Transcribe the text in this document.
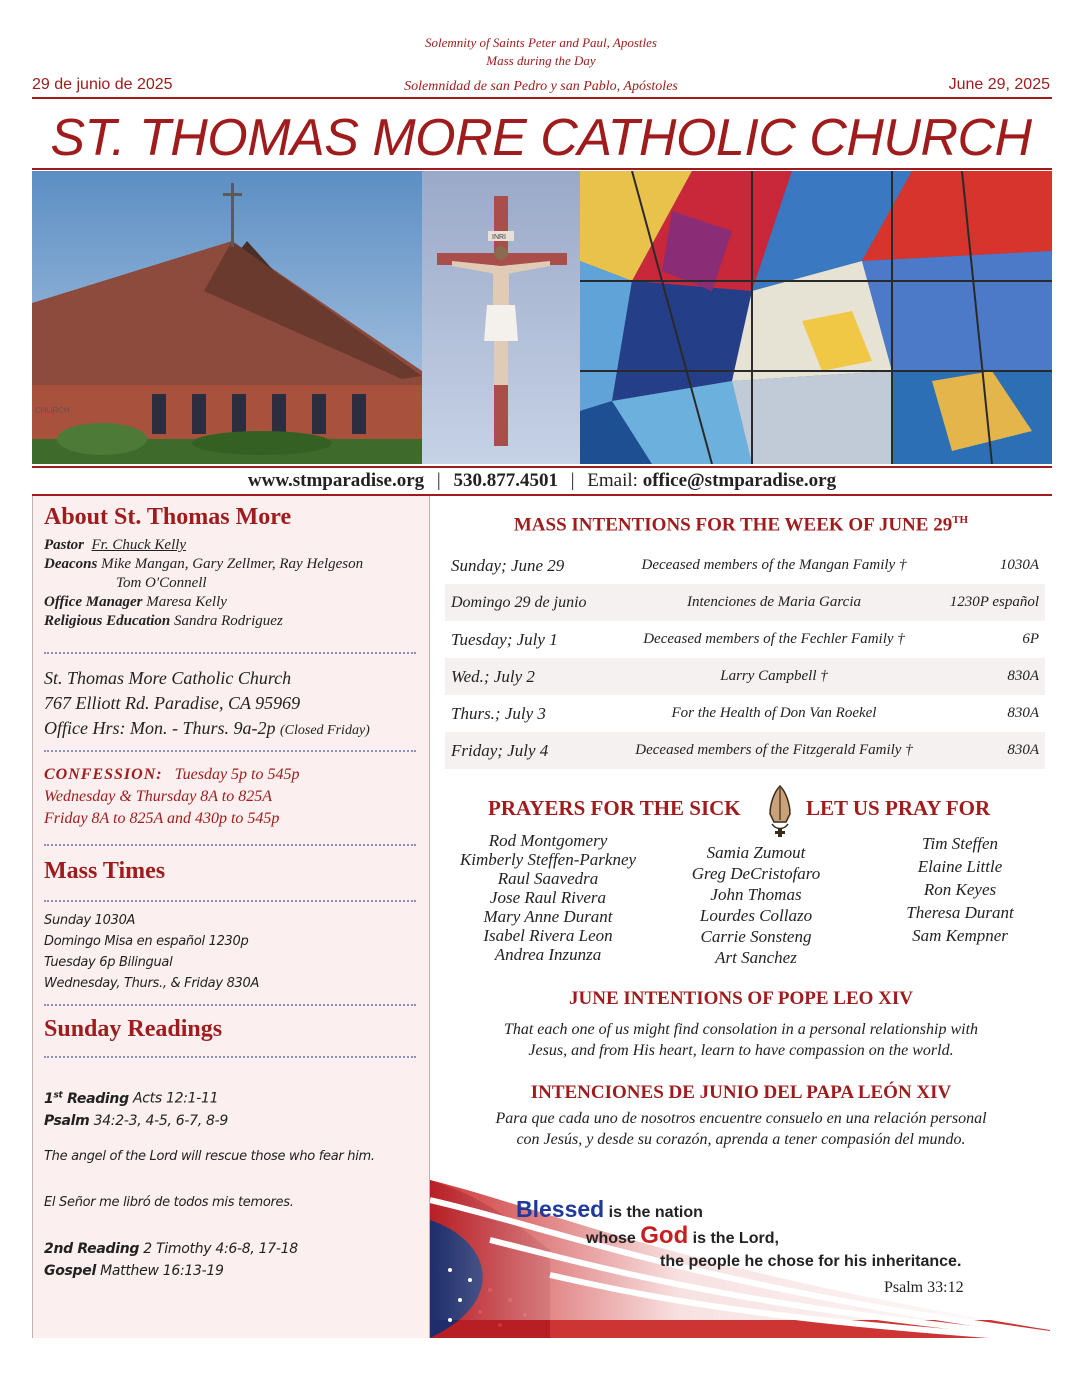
Solemnity of Saints Peter and Paul, Apostles
Mass during the Day
29 de junio de 2025	Solemnidad de san Pedro y san Pablo, Apóstoles	June 29, 2025
ST. THOMAS MORE CATHOLIC CHURCH
CHURCH
INRI
www.stmparadise.org | 530.877.4501 | Email: office@stmparadise.org
About St. Thomas More
Pastor Fr. Chuck Kelly
Deacons Mike Mangan, Gary Zellmer, Ray Helgeson
Tom O'Connell
Office Manager Maresa Kelly
Religious Education Sandra Rodriguez
St. Thomas More Catholic Church
767 Elliott Rd. Paradise, CA 95969
Office Hrs: Mon. - Thurs. 9a-2p (Closed Friday)
CONFESSION: Tuesday 5p to 545p
Wednesday & Thursday 8A to 825A
Friday 8A to 825A and 430p to 545p
Mass Times
Sunday 1030A
Domingo Misa en español 1230p
Tuesday 6p Bilingual
Wednesday, Thurs., & Friday 830A
Sunday Readings
1st Reading Acts 12:1-11
Psalm 34:2-3, 4-5, 6-7, 8-9
The angel of the Lord will rescue those who fear him.
El Señor me libró de todos mis temores.
2nd Reading 2 Timothy 4:6-8, 17-18
Gospel Matthew 16:13-19
MASS INTENTIONS FOR THE WEEK OF JUNE 29TH
Sunday; June 29	Deceased members of the Mangan Family †	1030A
Domingo 29 de junio	Intenciones de Maria Garcia	1230P español
Tuesday; July 1	Deceased members of the Fechler Family †	6P
Wed.; July 2	Larry Campbell †	830A
Thurs.; July 3	For the Health of Don Van Roekel	830A
Friday; July 4	Deceased members of the Fitzgerald Family †	830A
PRAYERS FOR THE SICK	LET US PRAY FOR
Rod Montgomery
Kimberly Steffen-Parkney
Raul Saavedra
Jose Raul Rivera
Mary Anne Durant
Isabel Rivera Leon
Andrea Inzunza
Samia Zumout
Greg DeCristofaro
John Thomas
Lourdes Collazo
Carrie Sonsteng
Art Sanchez
Tim Steffen
Elaine Little
Ron Keyes
Theresa Durant
Sam Kempner
JUNE INTENTIONS OF POPE LEO XIV
That each one of us might find consolation in a personal relationship with
Jesus, and from His heart, learn to have compassion on the world.
INTENCIONES DE JUNIO DEL PAPA LEÓN XIV
Para que cada uno de nosotros encuentre consuelo en una relación personal
con Jesús, y desde su corazón, aprenda a tener compasión del mundo.
Blessed is the nation
whose God is the Lord,
the people he chose for his inheritance.
Psalm 33:12
